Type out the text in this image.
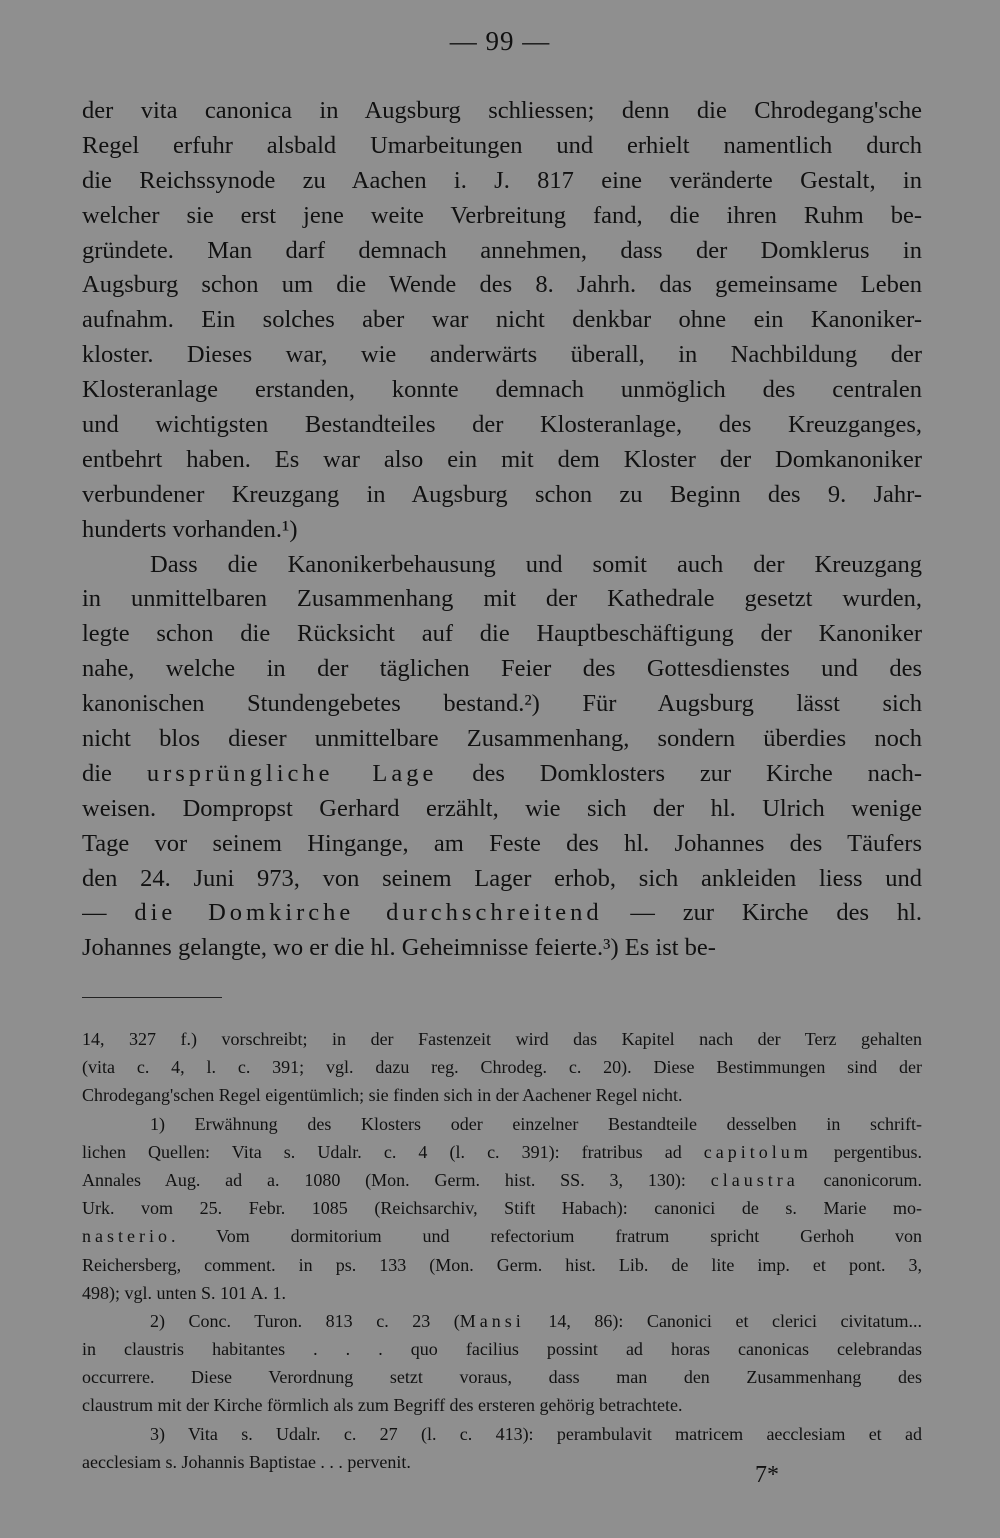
— 99 —
der vita canonica in Augsburg schliessen; denn die Chrodegang'sche
Regel erfuhr alsbald Umarbeitungen und erhielt namentlich durch
die Reichssynode zu Aachen i. J. 817 eine veränderte Gestalt, in
welcher sie erst jene weite Verbreitung fand, die ihren Ruhm be-
gründete. Man darf demnach annehmen, dass der Domklerus in
Augsburg schon um die Wende des 8. Jahrh. das gemeinsame Leben
aufnahm. Ein solches aber war nicht denkbar ohne ein Kanoniker-
kloster. Dieses war, wie anderwärts überall, in Nachbildung der
Klosteranlage erstanden, konnte demnach unmöglich des centralen
und wichtigsten Bestandteiles der Klosteranlage, des Kreuzganges,
entbehrt haben. Es war also ein mit dem Kloster der Domkanoniker
verbundener Kreuzgang in Augsburg schon zu Beginn des 9. Jahr-
hunderts vorhanden.¹)
Dass die Kanonikerbehausung und somit auch der Kreuzgang
in unmittelbaren Zusammenhang mit der Kathedrale gesetzt wurden,
legte schon die Rücksicht auf die Hauptbeschäftigung der Kanoniker
nahe, welche in der täglichen Feier des Gottesdienstes und des
kanonischen Stundengebetes bestand.²) Für Augsburg lässt sich
nicht blos dieser unmittelbare Zusammenhang, sondern überdies noch
die ursprüngliche Lage des Domklosters zur Kirche nach-
weisen. Dompropst Gerhard erzählt, wie sich der hl. Ulrich wenige
Tage vor seinem Hingange, am Feste des hl. Johannes des Täufers
den 24. Juni 973, von seinem Lager erhob, sich ankleiden liess und
— die Domkirche durchschreitend — zur Kirche des hl.
Johannes gelangte, wo er die hl. Geheimnisse feierte.³) Es ist be-
14, 327 f.) vorschreibt; in der Fastenzeit wird das Kapitel nach der Terz gehalten
(vita c. 4, l. c. 391; vgl. dazu reg. Chrodeg. c. 20). Diese Bestimmungen sind der
Chrodegang'schen Regel eigentümlich; sie finden sich in der Aachener Regel nicht.
1) Erwähnung des Klosters oder einzelner Bestandteile desselben in schrift-
lichen Quellen: Vita s. Udalr. c. 4 (l. c. 391): fratribus ad capitolum pergentibus.
Annales Aug. ad a. 1080 (Mon. Germ. hist. SS. 3, 130): claustra canonicorum.
Urk. vom 25. Febr. 1085 (Reichsarchiv, Stift Habach): canonici de s. Marie mo-
nasterio. Vom dormitorium und refectorium fratrum spricht Gerhoh von
Reichersberg, comment. in ps. 133 (Mon. Germ. hist. Lib. de lite imp. et pont. 3,
498); vgl. unten S. 101 A. 1.
2) Conc. Turon. 813 c. 23 (Mansi 14, 86): Canonici et clerici civitatum...
in claustris habitantes . . . quo facilius possint ad horas canonicas celebrandas
occurrere. Diese Verordnung setzt voraus, dass man den Zusammenhang des
claustrum mit der Kirche förmlich als zum Begriff des ersteren gehörig betrachtete.
3) Vita s. Udalr. c. 27 (l. c. 413): perambulavit matricem aecclesiam et ad
aecclesiam s. Johannis Baptistae . . . pervenit.
7*
